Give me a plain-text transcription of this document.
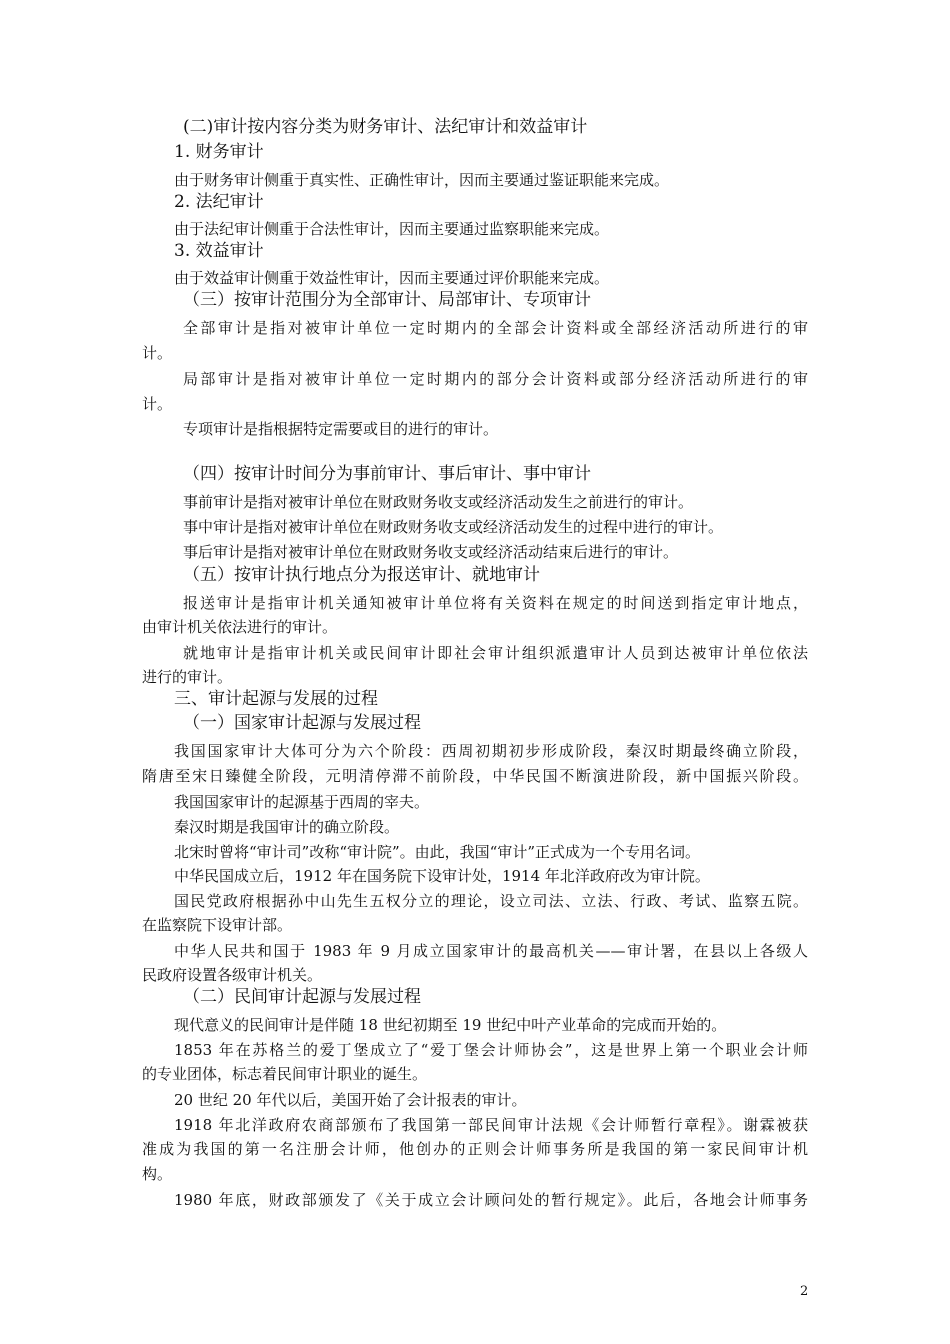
(二)审计按内容分类为财务审计、法纪审计和效益审计
1. 财务审计
由于财务审计侧重于真实性、正确性审计，因而主要通过鉴证职能来完成。
2. 法纪审计
由于法纪审计侧重于合法性审计，因而主要通过监察职能来完成。
3. 效益审计
由于效益审计侧重于效益性审计，因而主要通过评价职能来完成。
（三）按审计范围分为全部审计、局部审计、专项审计
全部审计是指对被审计单位一定时期内的全部会计资料或全部经济活动所进行的审
计。
局部审计是指对被审计单位一定时期内的部分会计资料或部分经济活动所进行的审
计。
专项审计是指根据特定需要或目的进行的审计。
（四）按审计时间分为事前审计、事后审计、事中审计
事前审计是指对被审计单位在财政财务收支或经济活动发生之前进行的审计。
事中审计是指对被审计单位在财政财务收支或经济活动发生的过程中进行的审计。
事后审计是指对被审计单位在财政财务收支或经济活动结束后进行的审计。
（五）按审计执行地点分为报送审计、就地审计
报送审计是指审计机关通知被审计单位将有关资料在规定的时间送到指定审计地点，
由审计机关依法进行的审计。
就地审计是指审计机关或民间审计即社会审计组织派遣审计人员到达被审计单位依法
进行的审计。
三、审计起源与发展的过程
（一）国家审计起源与发展过程
我国国家审计大体可分为六个阶段：西周初期初步形成阶段，秦汉时期最终确立阶段，
隋唐至宋日臻健全阶段，元明清停滞不前阶段，中华民国不断演进阶段，新中国振兴阶段。
我国国家审计的起源基于西周的宰夫。
秦汉时期是我国审计的确立阶段。
北宋时曾将“审计司”改称“审计院”。由此，我国“审计”正式成为一个专用名词。
中华民国成立后，1912 年在国务院下设审计处，1914 年北洋政府改为审计院。
国民党政府根据孙中山先生五权分立的理论，设立司法、立法、行政、考试、监察五院。
在监察院下设审计部。
中华人民共和国于 1983 年 9 月成立国家审计的最高机关——审计署，在县以上各级人
民政府设置各级审计机关。
（二）民间审计起源与发展过程
现代意义的民间审计是伴随 18 世纪初期至 19 世纪中叶产业革命的完成而开始的。
1853 年在苏格兰的爱丁堡成立了“爱丁堡会计师协会”，这是世界上第一个职业会计师
的专业团体，标志着民间审计职业的诞生。
20 世纪 20 年代以后，美国开始了会计报表的审计。
1918 年北洋政府农商部颁布了我国第一部民间审计法规《会计师暂行章程》。谢霖被获
准成为我国的第一名注册会计师，他创办的正则会计师事务所是我国的第一家民间审计机
构。
1980 年底，财政部颁发了《关于成立会计顾问处的暂行规定》。此后，各地会计师事务
2
